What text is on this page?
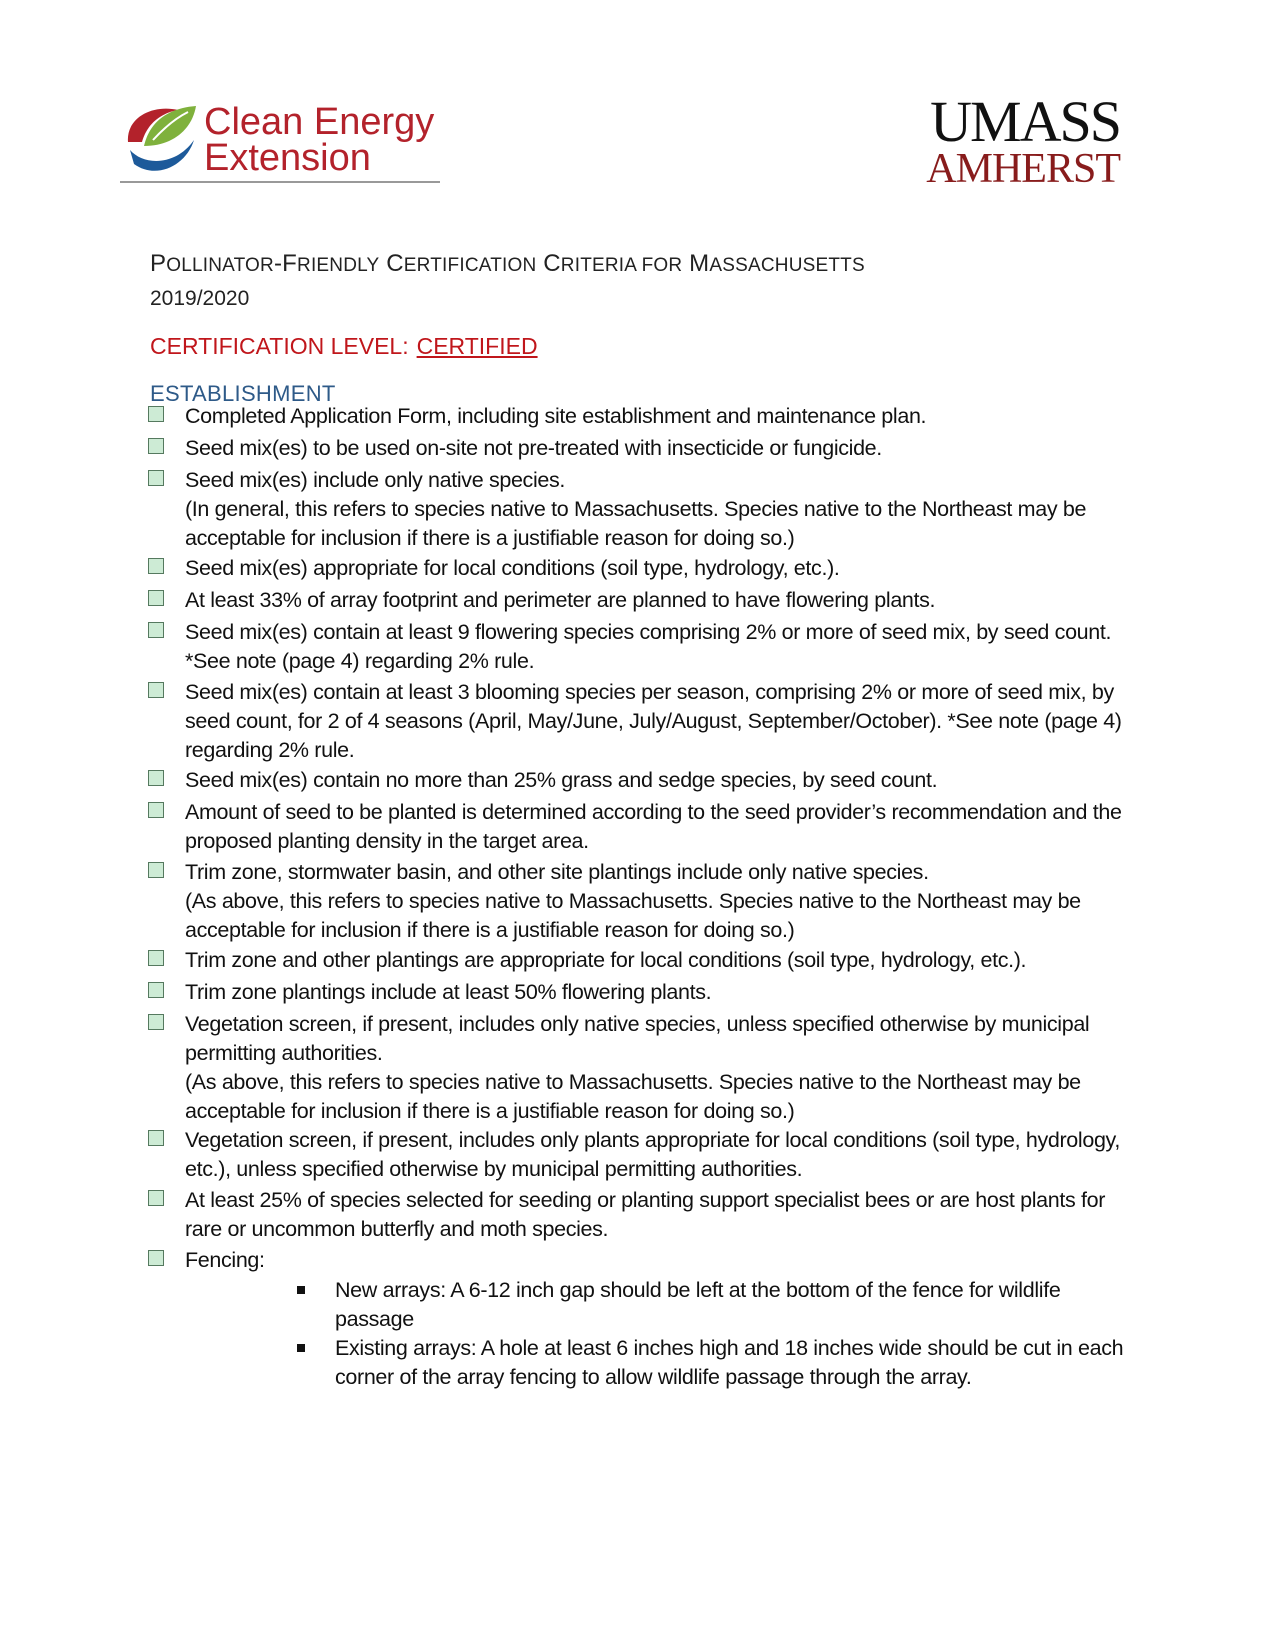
Clean Energy
Extension
UMASS
AMHERST
POLLINATOR-FRIENDLY CERTIFICATION CRITERIA FOR MASSACHUSETTS
2019/2020
CERTIFICATION LEVEL: CERTIFIED
ESTABLISHMENT
Completed Application Form, including site establishment and maintenance plan.
Seed mix(es) to be used on-site not pre-treated with insecticide or fungicide.
Seed mix(es) include only native species.
(In general, this refers to species native to Massachusetts. Species native to the Northeast may be acceptable for inclusion if there is a justifiable reason for doing so.)
Seed mix(es) appropriate for local conditions (soil type, hydrology, etc.).
At least 33% of array footprint and perimeter are planned to have flowering plants.
Seed mix(es) contain at least 9 flowering species comprising 2% or more of seed mix, by seed count. *See note (page 4) regarding 2% rule.
Seed mix(es) contain at least 3 blooming species per season, comprising 2% or more of seed mix, by seed count, for 2 of 4 seasons (April, May/June, July/August, September/October). *See note (page 4) regarding 2% rule.
Seed mix(es) contain no more than 25% grass and sedge species, by seed count.
Amount of seed to be planted is determined according to the seed provider’s recommendation and the proposed planting density in the target area.
Trim zone, stormwater basin, and other site plantings include only native species.
(As above, this refers to species native to Massachusetts. Species native to the Northeast may be acceptable for inclusion if there is a justifiable reason for doing so.)
Trim zone and other plantings are appropriate for local conditions (soil type, hydrology, etc.).
Trim zone plantings include at least 50% flowering plants.
Vegetation screen, if present, includes only native species, unless specified otherwise by municipal permitting authorities.
(As above, this refers to species native to Massachusetts. Species native to the Northeast may be acceptable for inclusion if there is a justifiable reason for doing so.)
Vegetation screen, if present, includes only plants appropriate for local conditions (soil type, hydrology, etc.), unless specified otherwise by municipal permitting authorities.
At least 25% of species selected for seeding or planting support specialist bees or are host plants for rare or uncommon butterfly and moth species.
Fencing:
New arrays: A 6-12 inch gap should be left at the bottom of the fence for wildlife passage
Existing arrays: A hole at least 6 inches high and 18 inches wide should be cut in each corner of the array fencing to allow wildlife passage through the array.
